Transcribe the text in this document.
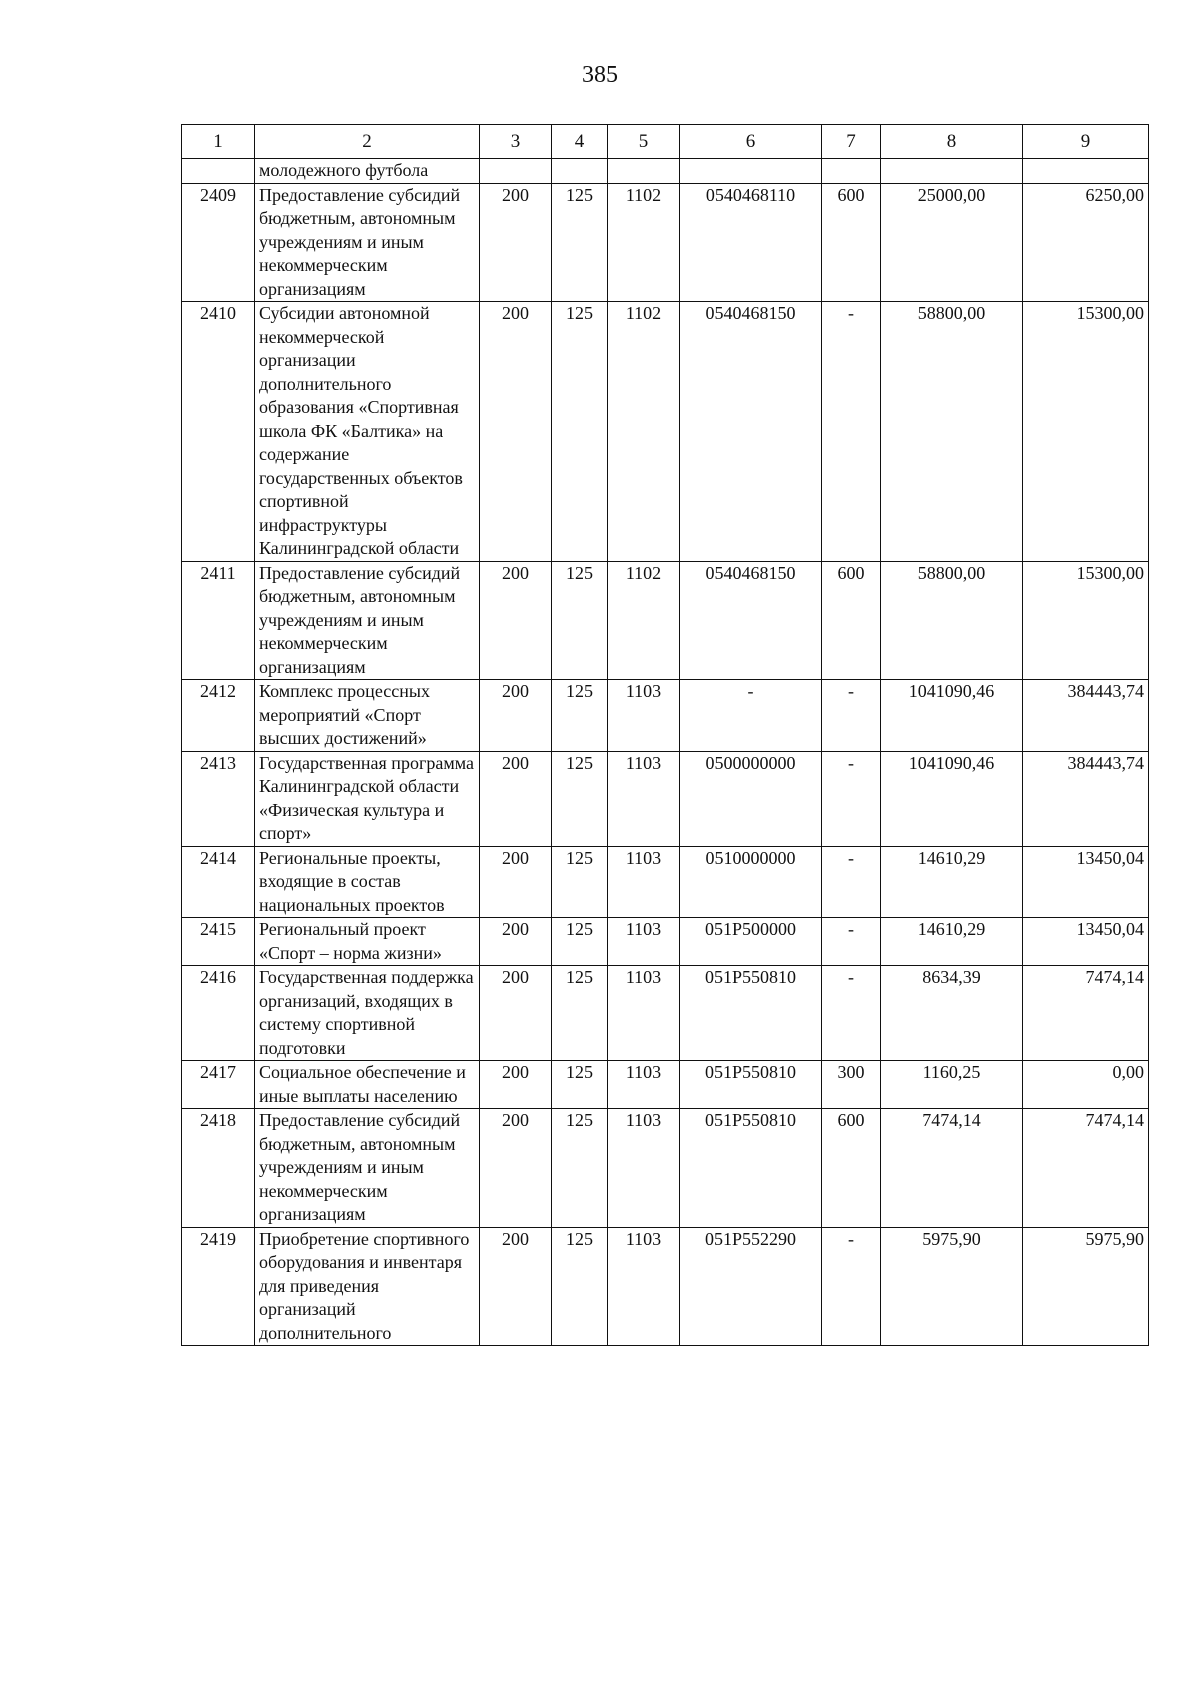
385
1	2	3	4	5	6	7	8	9
	молодежного футбола							
2409	Предоставление субсидий бюджетным, автономным учреждениям и иным некоммерческим организациям	200	125	1102	0540468110	600	25000,00	6250,00
2410	Субсидии автономной некоммерческой организации дополнительного образования «Спортивная школа ФК «Балтика» на содержание государственных объектов спортивной инфраструктуры Калининградской области	200	125	1102	0540468150	-	58800,00	15300,00
2411	Предоставление субсидий бюджетным, автономным учреждениям и иным некоммерческим организациям	200	125	1102	0540468150	600	58800,00	15300,00
2412	Комплекс процессных мероприятий «Спорт высших достижений»	200	125	1103	-	-	1041090,46	384443,74
2413	Государственная программа Калининградской области «Физическая культура и спорт»	200	125	1103	0500000000	-	1041090,46	384443,74
2414	Региональные проекты, входящие в состав национальных проектов	200	125	1103	0510000000	-	14610,29	13450,04
2415	Региональный проект «Спорт – норма жизни»	200	125	1103	051Р500000	-	14610,29	13450,04
2416	Государственная поддержка организаций, входящих в систему спортивной подготовки	200	125	1103	051Р550810	-	8634,39	7474,14
2417	Социальное обеспечение и иные выплаты населению	200	125	1103	051Р550810	300	1160,25	0,00
2418	Предоставление субсидий бюджетным, автономным учреждениям и иным некоммерческим организациям	200	125	1103	051Р550810	600	7474,14	7474,14
2419	Приобретение спортивного оборудования и инвентаря для приведения организаций дополнительного	200	125	1103	051Р552290	-	5975,90	5975,90
